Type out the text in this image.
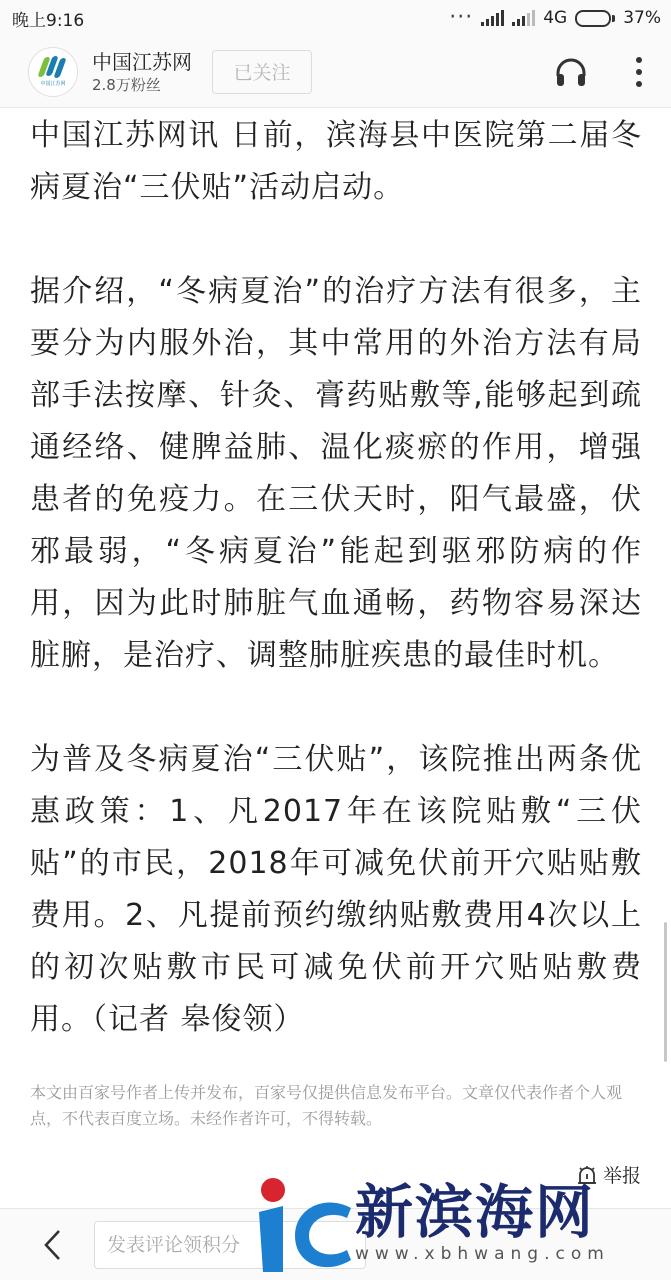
晚上9:16	···	4G	37%
中国江苏网
中国江苏网
2.8万粉丝
已关注

中国江苏网讯 日前，滨海县中医院第二届冬病夏治“三伏贴”活动启动。

据介绍，“冬病夏治”的治疗方法有很多，主要分为内服外治，其中常用的外治方法有局部手法按摩、针灸、膏药贴敷等,能够起到疏通经络、健脾益肺、温化痰瘀的作用，增强患者的免疫力。在三伏天时，阳气最盛，伏邪最弱，“冬病夏治”能起到驱邪防病的作用，因为此时肺脏气血通畅，药物容易深达脏腑，是治疗、调整肺脏疾患的最佳时机。

为普及冬病夏治“三伏贴”，该院推出两条优惠政策：1、凡2017年在该院贴敷“三伏贴”的市民，2018年可减免伏前开穴贴贴敷费用。2、凡提前预约缴纳贴敷费用4次以上的初次贴敷市民可减免伏前开穴贴贴敷费用。（记者 皋俊领）

本文由百家号作者上传并发布，百家号仅提供信息发布平台。文章仅代表作者个人观点，不代表百度立场。未经作者许可，不得转载。

举报
发表评论领积分
新滨海网
www.xbhwang.com
